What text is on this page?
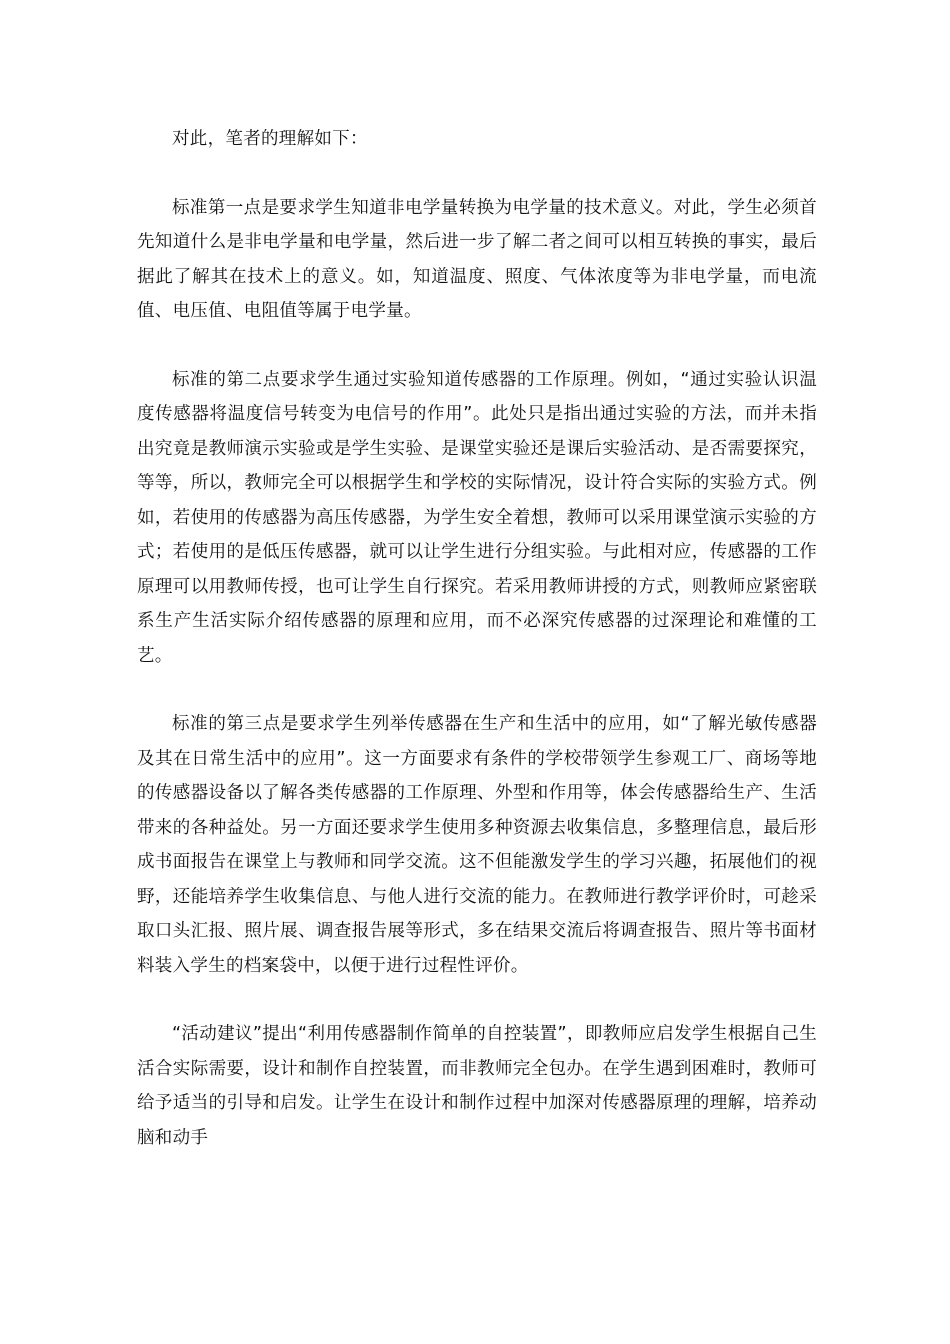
对此，笔者的理解如下：

标准第一点是要求学生知道非电学量转换为电学量的技术意义。对此，学生必须首先知道什么是非电学量和电学量，然后进一步了解二者之间可以相互转换的事实，最后据此了解其在技术上的意义。如，知道温度、照度、气体浓度等为非电学量，而电流值、电压值、电阻值等属于电学量。

标准的第二点要求学生通过实验知道传感器的工作原理。例如，“通过实验认识温度传感器将温度信号转变为电信号的作用”。此处只是指出通过实验的方法，而并未指出究竟是教师演示实验或是学生实验、是课堂实验还是课后实验活动、是否需要探究，等等，所以，教师完全可以根据学生和学校的实际情况，设计符合实际的实验方式。例如，若使用的传感器为高压传感器，为学生安全着想，教师可以采用课堂演示实验的方式；若使用的是低压传感器，就可以让学生进行分组实验。与此相对应，传感器的工作原理可以用教师传授，也可让学生自行探究。若采用教师讲授的方式，则教师应紧密联系生产生活实际介绍传感器的原理和应用，而不必深究传感器的过深理论和难懂的工艺。

标准的第三点是要求学生列举传感器在生产和生活中的应用，如“了解光敏传感器及其在日常生活中的应用”。这一方面要求有条件的学校带领学生参观工厂、商场等地的传感器设备以了解各类传感器的工作原理、外型和作用等，体会传感器给生产、生活带来的各种益处。另一方面还要求学生使用多种资源去收集信息，多整理信息，最后形成书面报告在课堂上与教师和同学交流。这不但能激发学生的学习兴趣，拓展他们的视野，还能培养学生收集信息、与他人进行交流的能力。在教师进行教学评价时，可趁采取口头汇报、照片展、调查报告展等形式，多在结果交流后将调查报告、照片等书面材料装入学生的档案袋中，以便于进行过程性评价。

“活动建议”提出“利用传感器制作简单的自控装置”，即教师应启发学生根据自己生活合实际需要，设计和制作自控装置，而非教师完全包办。在学生遇到困难时，教师可给予适当的引导和启发。让学生在设计和制作过程中加深对传感器原理的理解，培养动脑和动手
